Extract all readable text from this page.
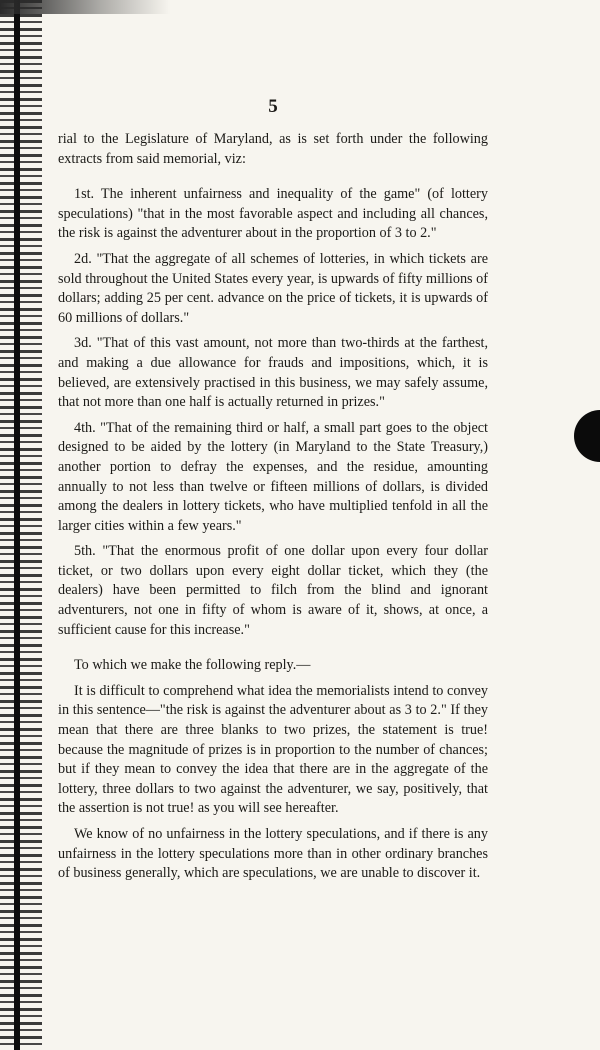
5

rial to the Legislature of Maryland, as is set forth under the following extracts from said memorial, viz:

1st. The inherent unfairness and inequality of the game" (of lottery speculations) "that in the most favorable aspect and including all chances, the risk is against the adventurer about in the proportion of 3 to 2."

2d. "That the aggregate of all schemes of lotteries, in which tickets are sold throughout the United States every year, is upwards of fifty millions of dollars; adding 25 per cent. advance on the price of tickets, it is upwards of 60 millions of dollars."

3d. "That of this vast amount, not more than two-thirds at the farthest, and making a due allowance for frauds and impositions, which, it is believed, are extensively practised in this business, we may safely assume, that not more than one half is actually returned in prizes."

4th. "That of the remaining third or half, a small part goes to the object designed to be aided by the lottery (in Maryland to the State Treasury,) another portion to defray the expenses, and the residue, amounting annually to not less than twelve or fifteen millions of dollars, is divided among the dealers in lottery tickets, who have multiplied tenfold in all the larger cities within a few years."

5th. "That the enormous profit of one dollar upon every four dollar ticket, or two dollars upon every eight dollar ticket, which they (the dealers) have been permitted to filch from the blind and ignorant adventurers, not one in fifty of whom is aware of it, shows, at once, a sufficient cause for this increase."

To which we make the following reply.—

It is difficult to comprehend what idea the memorialists intend to convey in this sentence—"the risk is against the adventurer about as 3 to 2." If they mean that there are three blanks to two prizes, the statement is true! because the magnitude of prizes is in proportion to the number of chances; but if they mean to convey the idea that there are in the aggregate of the lottery, three dollars to two against the adventurer, we say, positively, that the assertion is not true! as you will see hereafter.

We know of no unfairness in the lottery speculations, and if there is any unfairness in the lottery speculations more than in other ordinary branches of business generally, which are speculations, we are unable to discover it.
